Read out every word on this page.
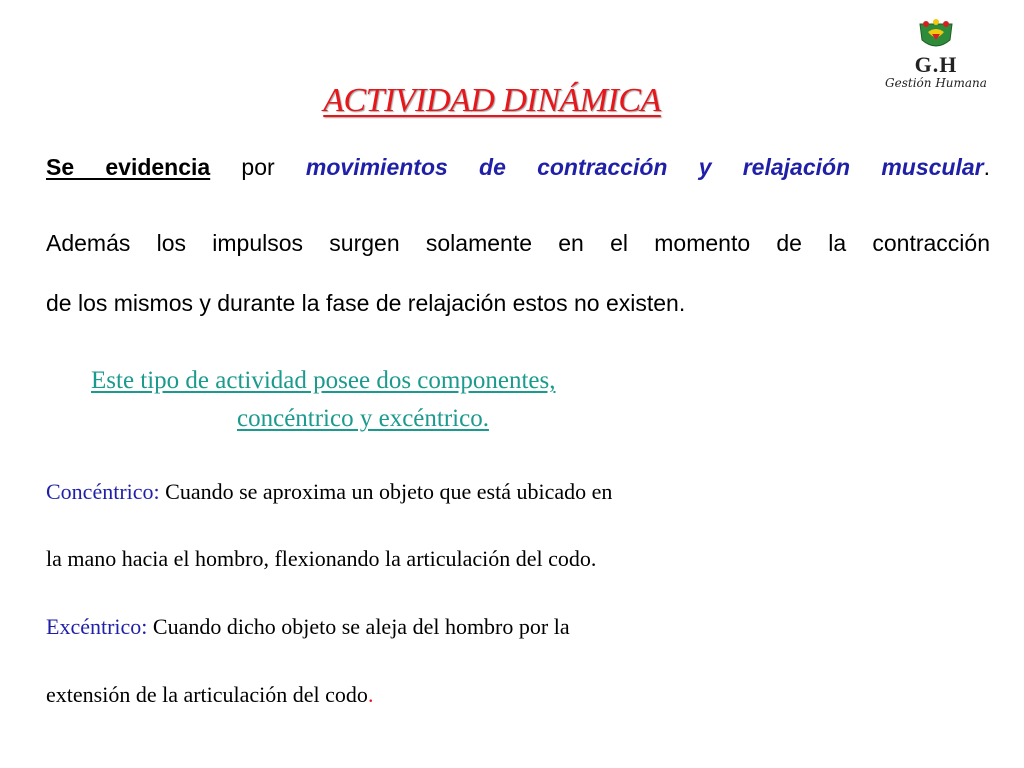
G.H
Gestión Humana
ACTIVIDAD DINÁMICA
Se evidencia por movimientos de contracción y relajación muscular.
Además los impulsos surgen solamente en el momento de la contracción
de los mismos y durante la fase de relajación estos no existen.
Este tipo de actividad posee dos componentes,
concéntrico y excéntrico.
Concéntrico: Cuando se aproxima un objeto que está ubicado en
la mano hacia el hombro, flexionando la articulación del codo.
Excéntrico: Cuando dicho objeto se aleja del hombro por la
extensión de la articulación del codo.
